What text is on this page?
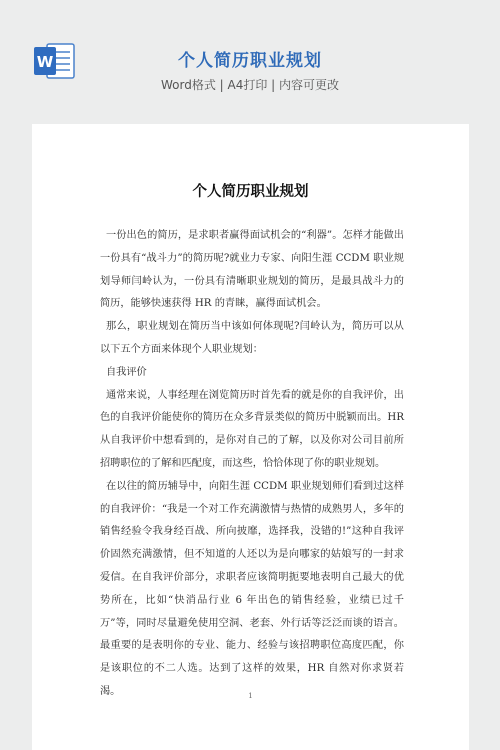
W	个人简历职业规划
Word格式 | A4打印 | 内容可更改
个人简历职业规划

一份出色的简历，是求职者赢得面试机会的“利器”。怎样才能做出一份具有“战斗力”的简历呢?就业力专家、向阳生涯 CCDM 职业规划导师闫岭认为，一份具有清晰职业规划的简历，是最具战斗力的简历，能够快速获得 HR 的青睐，赢得面试机会。

那么，职业规划在简历当中该如何体现呢?闫岭认为，简历可以从以下五个方面来体现个人职业规划：

自我评价

通常来说，人事经理在浏览简历时首先看的就是你的自我评价，出色的自我评价能使你的简历在众多背景类似的简历中脱颖而出。HR 从自我评价中想看到的，是你对自己的了解，以及你对公司目前所招聘职位的了解和匹配度，而这些，恰恰体现了你的职业规划。

在以往的简历辅导中，向阳生涯 CCDM 职业规划师们看到过这样的自我评价：“我是一个对工作充满激情与热情的成熟男人，多年的销售经验令我身经百战、所向披靡，选择我，没错的!”这种自我评价固然充满激情，但不知道的人还以为是向哪家的姑娘写的一封求爱信。在自我评价部分，求职者应该简明扼要地表明自己最大的优势所在，比如“快消品行业 6 年出色的销售经验，业绩已过千万”等，同时尽量避免使用空洞、老套、外行话等泛泛而谈的语言。最重要的是表明你的专业、能力、经验与该招聘职位高度匹配，你是该职位的不二人选。达到了这样的效果，HR 自然对你求贤若渴。	1
